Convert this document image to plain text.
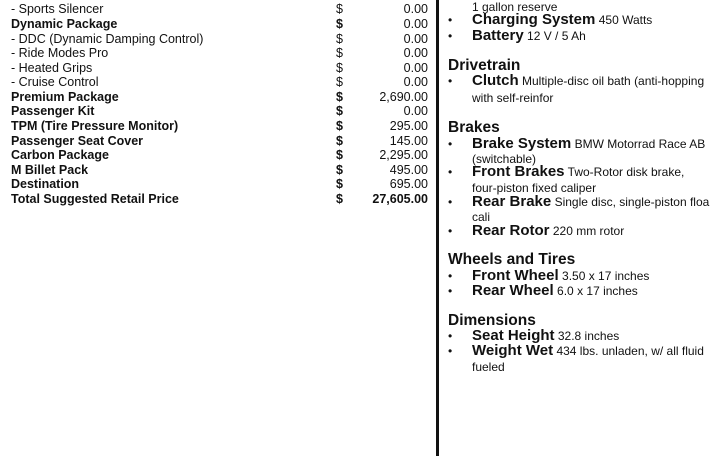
- Sports Silencer	$	0.00
Dynamic Package	$	0.00
- DDC (Dynamic Damping Control)	$	0.00
- Ride Modes Pro	$	0.00
- Heated Grips	$	0.00
- Cruise Control	$	0.00
Premium Package	$	2,690.00
Passenger Kit	$	0.00
TPM (Tire Pressure Monitor)	$	295.00
Passenger Seat Cover	$	145.00
Carbon Package	$	2,295.00
M Billet Pack	$	495.00
Destination	$	695.00
Total Suggested Retail Price	$	27,605.00
1 gallon reserve
• Charging System 450 Watts
• Battery 12 V / 5 Ah
Drivetrain
• Clutch Multiple-disc oil bath (anti-hopping
with self-reinfor
Brakes
• Brake System BMW Motorrad Race AB
(switchable)
• Front Brakes Two-Rotor disk brake,
four-piston fixed caliper
• Rear Brake Single disc, single-piston floa
cali
• Rear Rotor 220 mm rotor
Wheels and Tires
• Front Wheel 3.50 x 17 inches
• Rear Wheel 6.0 x 17 inches
Dimensions
• Seat Height 32.8 inches
• Weight Wet 434 lbs. unladen, w/ all fluid
fueled
